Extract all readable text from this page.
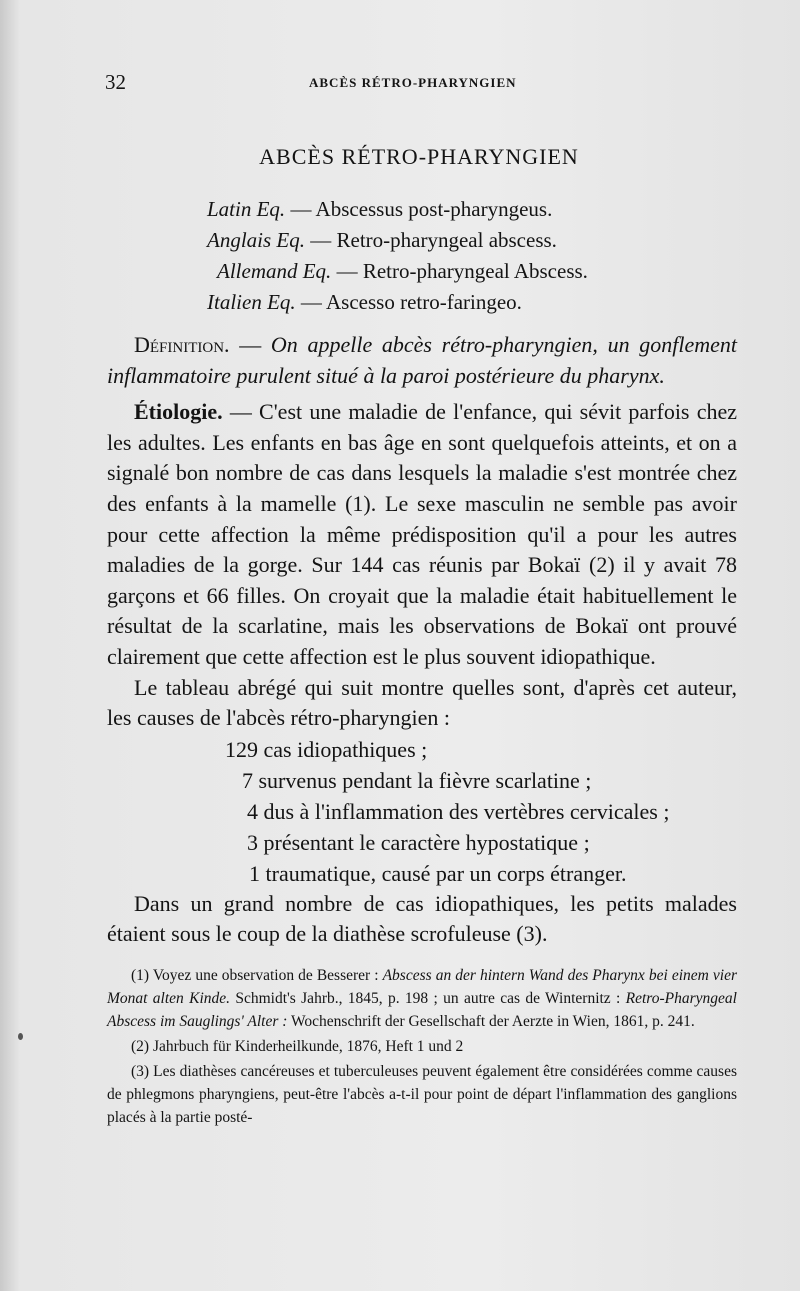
32	ABCÈS RÉTRO-PHARYNGIEN
ABCÈS RÉTRO-PHARYNGIEN
Latin Eq. — Abscessus post-pharyngeus.
Anglais Eq. — Retro-pharyngeal abscess.
Allemand Eq. — Retro-pharyngeal Abscess.
Italien Eq. — Ascesso retro-faringeo.

Définition. — On appelle abcès rétro-pharyngien, un gonflement inflammatoire purulent situé à la paroi postérieure du pharynx.

Étiologie. — C'est une maladie de l'enfance, qui sévit parfois chez les adultes. Les enfants en bas âge en sont quelquefois atteints, et on a signalé bon nombre de cas dans lesquels la maladie s'est montrée chez des enfants à la mamelle (1). Le sexe masculin ne semble pas avoir pour cette affection la même prédisposition qu'il a pour les autres maladies de la gorge. Sur 144 cas réunis par Bokaï (2) il y avait 78 garçons et 66 filles. On croyait que la maladie était habituellement le résultat de la scarlatine, mais les observations de Bokaï ont prouvé clairement que cette affection est le plus souvent idiopathique.

Le tableau abrégé qui suit montre quelles sont, d'après cet auteur, les causes de l'abcès rétro-pharyngien :

129 cas idiopathiques ;
7 survenus pendant la fièvre scarlatine ;
4 dus à l'inflammation des vertèbres cervicales ;
3 présentant le caractère hypostatique ;
1 traumatique, causé par un corps étranger.

Dans un grand nombre de cas idiopathiques, les petits malades étaient sous le coup de la diathèse scrofuleuse (3).

(1) Voyez une observation de Besserer : Abscess an der hintern Wand des Pharynx bei einem vier Monat alten Kinde. Schmidt's Jahrb., 1845, p. 198 ; un autre cas de Winternitz : Retro-Pharyngeal Abscess im Sauglings' Alter : Wochenschrift der Gesellschaft der Aerzte in Wien, 1861, p. 241.

(2) Jahrbuch für Kinderheilkunde, 1876, Heft 1 und 2

(3) Les diathèses cancéreuses et tuberculeuses peuvent également être considérées comme causes de phlegmons pharyngiens, peut-être l'abcès a-t-il pour point de départ l'inflammation des ganglions placés à la partie posté-
